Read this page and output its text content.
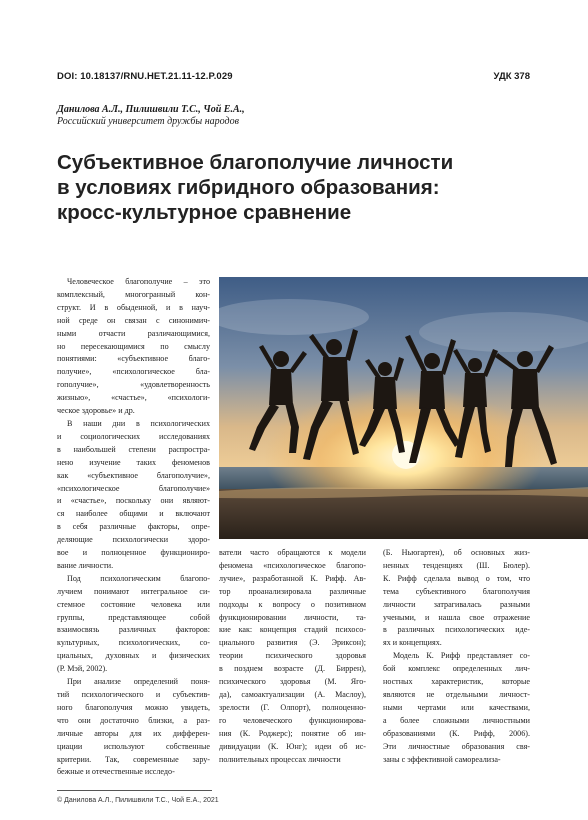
DOI: 10.18137/RNU.HET.21.11-12.P.029	УДК 378
Данилова А.Л., Пилишвили Т.С., Чой Е.А.,
Российский университет дружбы народов
Субъективное благополучие личности
в условиях гибридного образования:
кросс-культурное сравнение

Человеческое благополучие – это
комплексный, многогранный кон-
структ. И в обыденной, и в науч-
ной среде он связан с синонимич-
ными отчасти различающимися,
но пересекающимися по смыслу
понятиями: «субъективное благо-
получие», «психологическое бла-
гополучие», «удовлетворенность
жизнью», «счастье», «психологи-
ческое здоровье» и др.

В наши дни в психологических
и социологических исследованиях
в наибольшей степени распростра-
нено изучение таких феноменов
как «субъективное благополучие»,
«психологическое благополучие»
и «счастье», поскольку они являют-
ся наиболее общими и включают
в себя различные факторы, опре-
деляющие психологически здоро-
вое и полноценное функциониро-
вание личности.

Под психологическим благопо-
лучием понимают интегральное си-
стемное состояние человека или
группы, представляющее собой
взаимосвязь различных факторов:
культурных, психологических, со-
циальных, духовных и физических
(Р. Мэй, 2002).

При анализе определений поня-
тий психологического и субъектив-
ного благополучия можно увидеть,
что они достаточно близки, а раз-
личные авторы для их дифферен-
циации используют собственные
критерии. Так, современные зару-
бежные и отечественные исследо-

ватели часто обращаются к модели
феномена «психологическое благопо-
лучие», разработанной К. Рифф. Ав-
тор проанализировала различные
подходы к вопросу о позитивном
функционировании личности, та-
кие как: концепция стадий психосо-
циального развития (Э. Эриксон);
теории психического здоровья
в позднем возрасте (Д. Биррен),
психического здоровья (М. Яго-
да), самоактуализации (А. Маслоу),
зрелости (Г. Олпорт), полноценно-
го человеческого функционирова-
ния (К. Роджерс); понятие об ин-
дивидуации (К. Юнг); идеи об ис-
полнительных процессах личности

(Б. Ньюгартен), об основных жиз-
ненных тенденциях (Ш. Бюлер).
К. Рифф сделала вывод о том, что
тема субъективного благополучия
личности затрагивалась разными
учеными, и нашла свое отражение
в различных психологических иде-
ях и концепциях.

Модель К. Рифф представляет со-
бой комплекс определенных лич-
ностных характеристик, которые
являются не отдельными личност-
ными чертами или качествами,
а более сложными личностными
образованиями (К. Рифф, 2006).
Эти личностные образования свя-
заны с эффективной самореализа-

© Данилова А.Л., Пилишвили Т.С., Чой Е.А., 2021
